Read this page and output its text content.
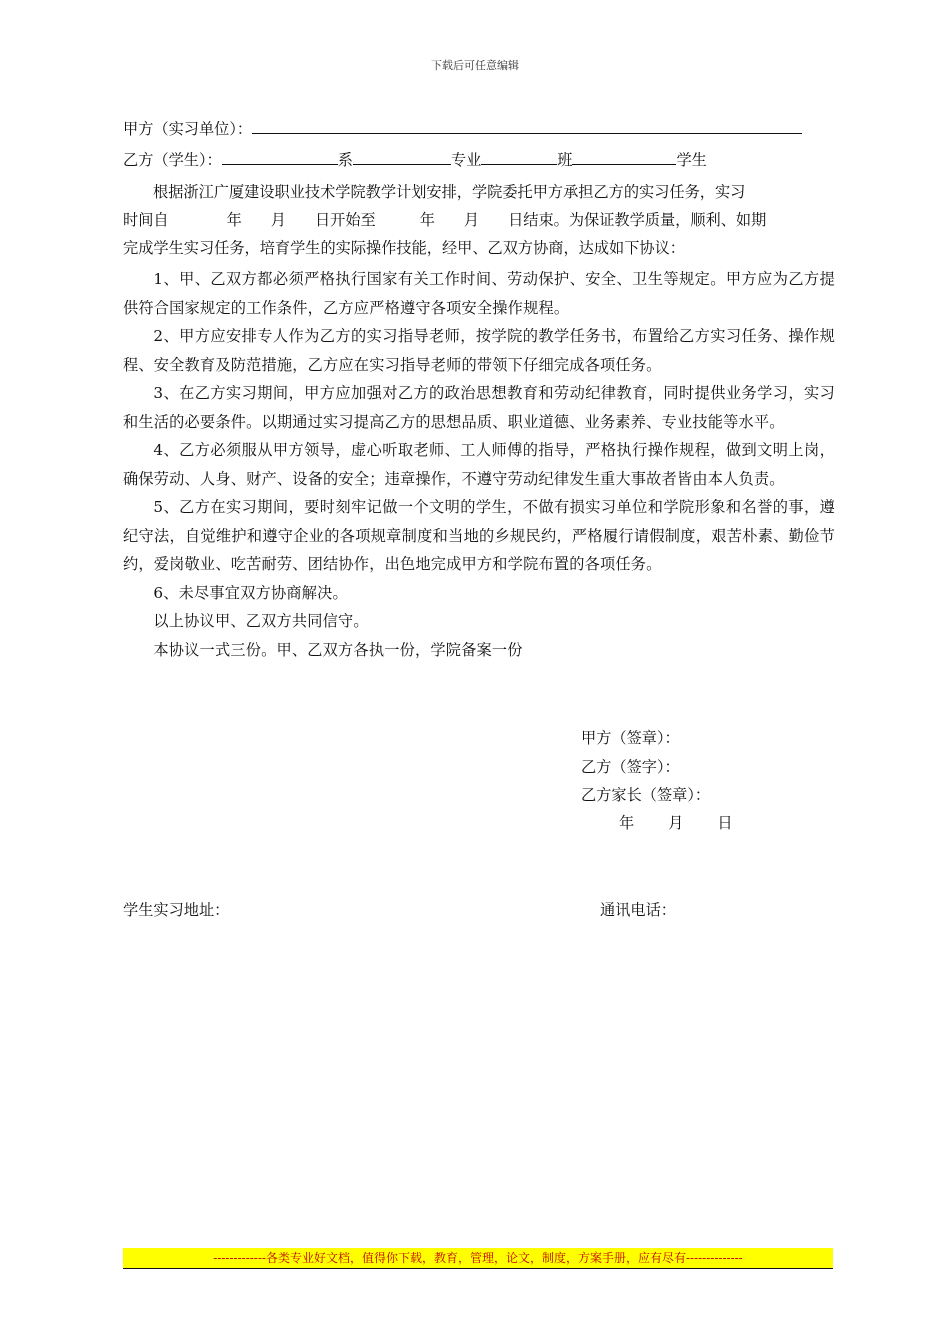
下载后可任意编辑
甲方（实习单位）：
乙方（学生）：	系	专业	班	学生
根据浙江广厦建设职业技术学院教学计划安排，学院委托甲方承担乙方的实习任务，实习
时间自	年 月 日开始至	年 月 日结束。为保证教学质量，顺利、如期
完成学生实习任务，培育学生的实际操作技能，经甲、乙双方协商，达成如下协议：

1、甲、乙双方都必须严格执行国家有关工作时间、劳动保护、安全、卫生等规定。甲方应为乙方提供符合国家规定的工作条件，乙方应严格遵守各项安全操作规程。

2、甲方应安排专人作为乙方的实习指导老师，按学院的教学任务书，布置给乙方实习任务、操作规程、安全教育及防范措施，乙方应在实习指导老师的带领下仔细完成各项任务。

3、在乙方实习期间，甲方应加强对乙方的政治思想教育和劳动纪律教育，同时提供业务学习，实习和生活的必要条件。以期通过实习提高乙方的思想品质、职业道德、业务素养、专业技能等水平。

4、乙方必须服从甲方领导，虚心听取老师、工人师傅的指导，严格执行操作规程，做到文明上岗，确保劳动、人身、财产、设备的安全；违章操作，不遵守劳动纪律发生重大事故者皆由本人负责。

5、乙方在实习期间，要时刻牢记做一个文明的学生，不做有损实习单位和学院形象和名誉的事，遵纪守法，自觉维护和遵守企业的各项规章制度和当地的乡规民约，严格履行请假制度，艰苦朴素、勤俭节约，爱岗敬业、吃苦耐劳、团结协作，出色地完成甲方和学院布置的各项任务。

6、未尽事宜双方协商解决。

以上协议甲、乙双方共同信守。

本协议一式三份。甲、乙双方各执一份，学院备案一份

甲方（签章）：
乙方（签字）：
乙方家长（签章）：
年 月 日
学生实习地址：	通讯电话：
-------------各类专业好文档，值得你下载，教育，管理，论文，制度，方案手册，应有尽有--------------
